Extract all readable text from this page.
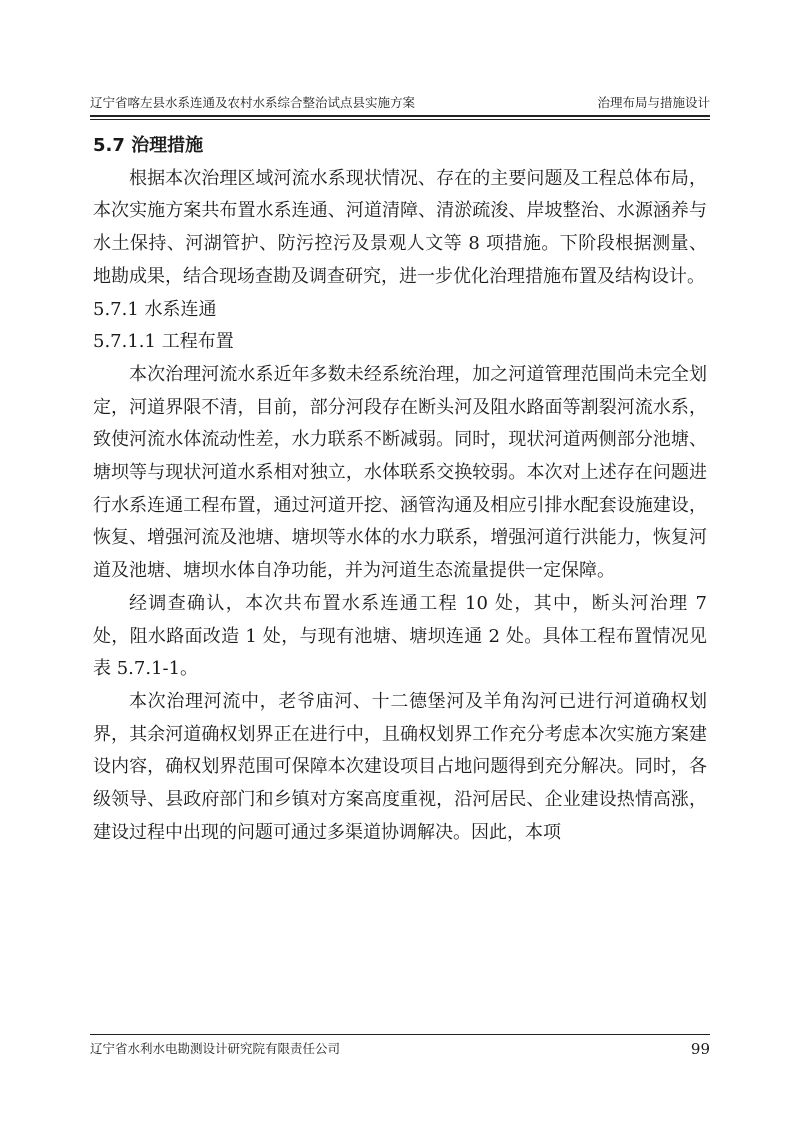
辽宁省喀左县水系连通及农村水系综合整治试点县实施方案	治理布局与措施设计
5.7 治理措施

根据本次治理区域河流水系现状情况、存在的主要问题及工程总体布局，本次实施方案共布置水系连通、河道清障、清淤疏浚、岸坡整治、水源涵养与水土保持、河湖管护、防污控污及景观人文等 8 项措施。下阶段根据测量、地勘成果，结合现场查勘及调查研究，进一步优化治理措施布置及结构设计。

5.7.1 水系连通

5.7.1.1 工程布置

本次治理河流水系近年多数未经系统治理，加之河道管理范围尚未完全划定，河道界限不清，目前，部分河段存在断头河及阻水路面等割裂河流水系，致使河流水体流动性差，水力联系不断减弱。同时，现状河道两侧部分池塘、塘坝等与现状河道水系相对独立，水体联系交换较弱。本次对上述存在问题进行水系连通工程布置，通过河道开挖、涵管沟通及相应引排水配套设施建设，恢复、增强河流及池塘、塘坝等水体的水力联系，增强河道行洪能力，恢复河道及池塘、塘坝水体自净功能，并为河道生态流量提供一定保障。

经调查确认，本次共布置水系连通工程 10 处，其中，断头河治理 7 处，阻水路面改造 1 处，与现有池塘、塘坝连通 2 处。具体工程布置情况见表 5.7.1-1。

本次治理河流中，老爷庙河、十二德堡河及羊角沟河已进行河道确权划界，其余河道确权划界正在进行中，且确权划界工作充分考虑本次实施方案建设内容，确权划界范围可保障本次建设项目占地问题得到充分解决。同时，各级领导、县政府部门和乡镇对方案高度重视，沿河居民、企业建设热情高涨，建设过程中出现的问题可通过多渠道协调解决。因此，本项

辽宁省水利水电勘测设计研究院有限责任公司	99
